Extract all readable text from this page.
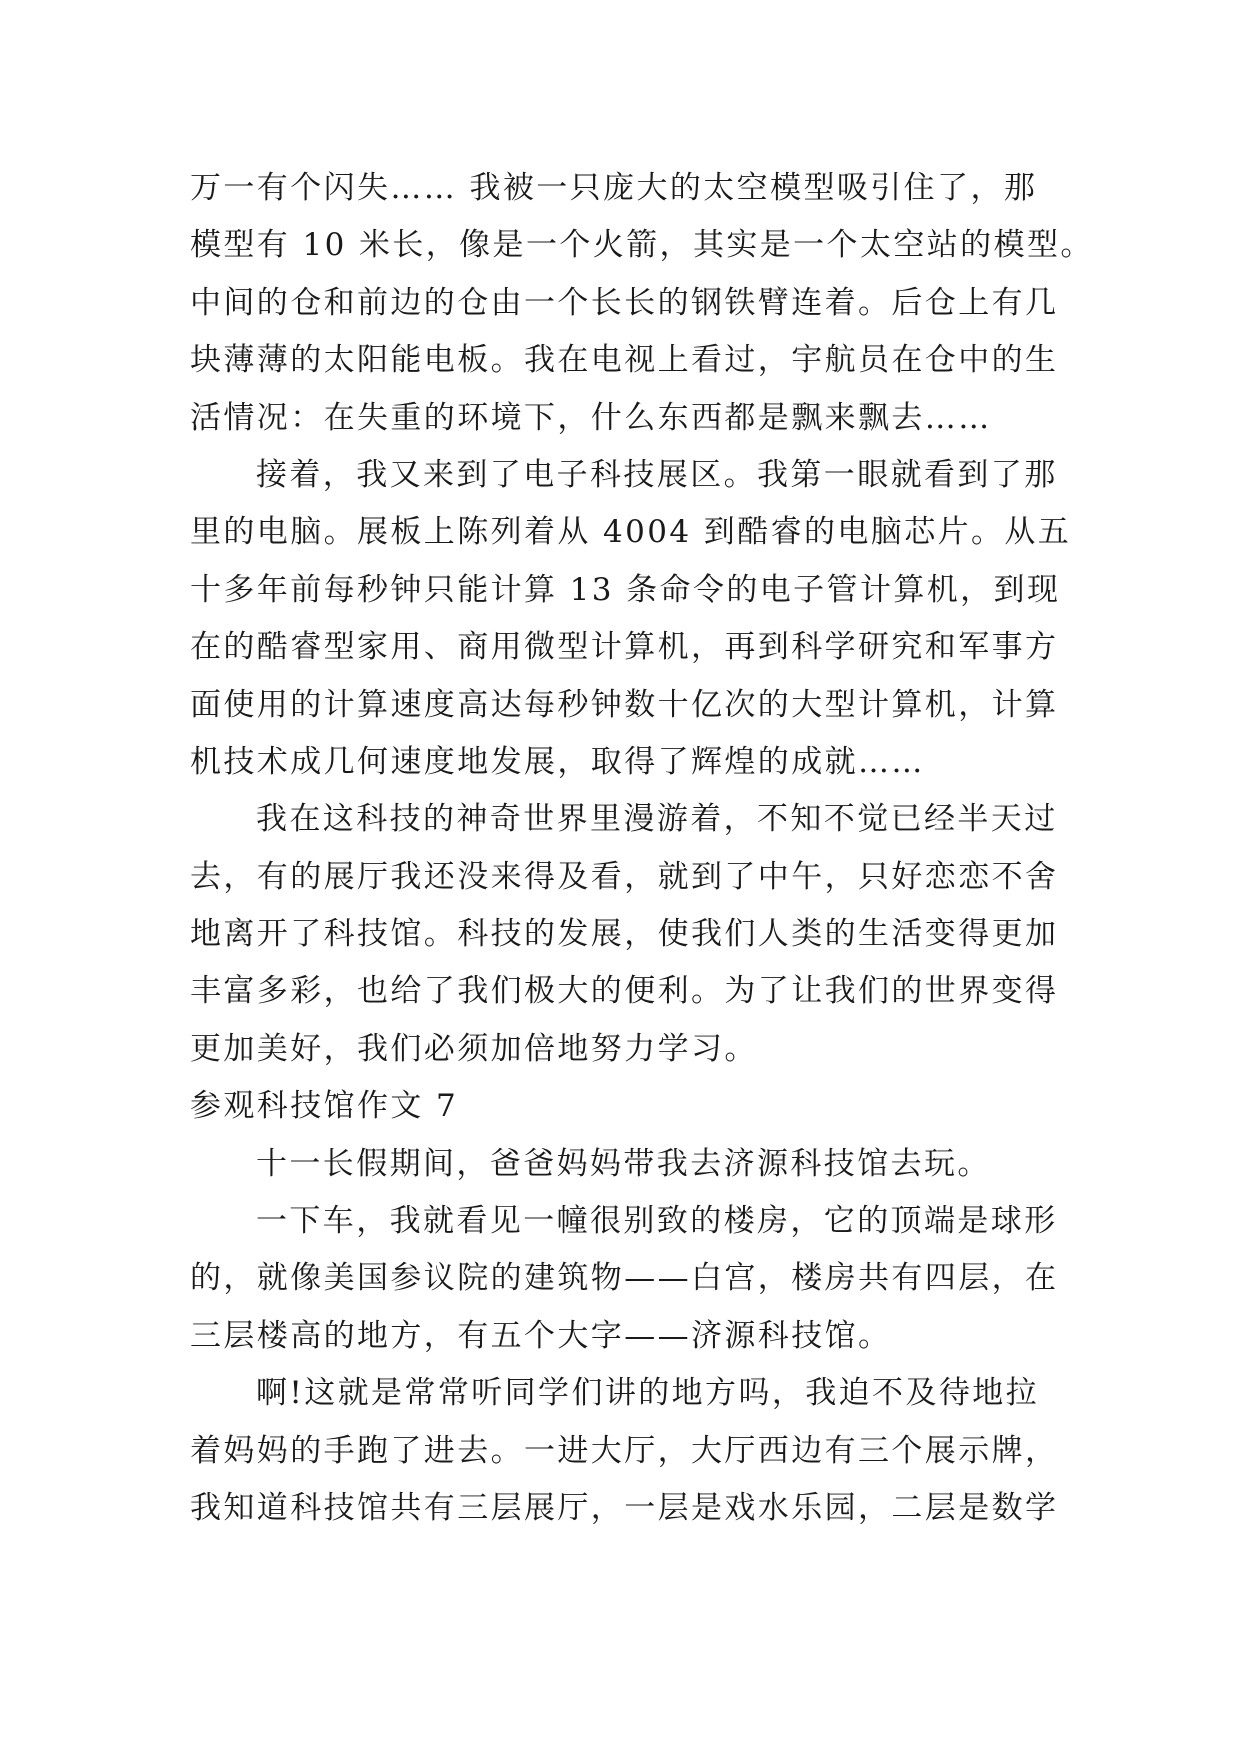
万一有个闪失…… 我被一只庞大的太空模型吸引住了，那
模型有 10 米长，像是一个火箭，其实是一个太空站的模型。
中间的仓和前边的仓由一个长长的钢铁臂连着。后仓上有几
块薄薄的太阳能电板。我在电视上看过，宇航员在仓中的生
活情况：在失重的环境下，什么东西都是飘来飘去……
接着，我又来到了电子科技展区。我第一眼就看到了那
里的电脑。展板上陈列着从 4004 到酷睿的电脑芯片。从五
十多年前每秒钟只能计算 13 条命令的电子管计算机，到现
在的酷睿型家用、商用微型计算机，再到科学研究和军事方
面使用的计算速度高达每秒钟数十亿次的大型计算机，计算
机技术成几何速度地发展，取得了辉煌的成就……
我在这科技的神奇世界里漫游着，不知不觉已经半天过
去，有的展厅我还没来得及看，就到了中午，只好恋恋不舍
地离开了科技馆。科技的发展，使我们人类的生活变得更加
丰富多彩，也给了我们极大的便利。为了让我们的世界变得
更加美好，我们必须加倍地努力学习。
参观科技馆作文 7
十一长假期间，爸爸妈妈带我去济源科技馆去玩。
一下车，我就看见一幢很别致的楼房，它的顶端是球形
的，就像美国参议院的建筑物——白宫，楼房共有四层，在
三层楼高的地方，有五个大字——济源科技馆。
啊!这就是常常听同学们讲的地方吗，我迫不及待地拉
着妈妈的手跑了进去。一进大厅，大厅西边有三个展示牌，
我知道科技馆共有三层展厅，一层是戏水乐园，二层是数学
